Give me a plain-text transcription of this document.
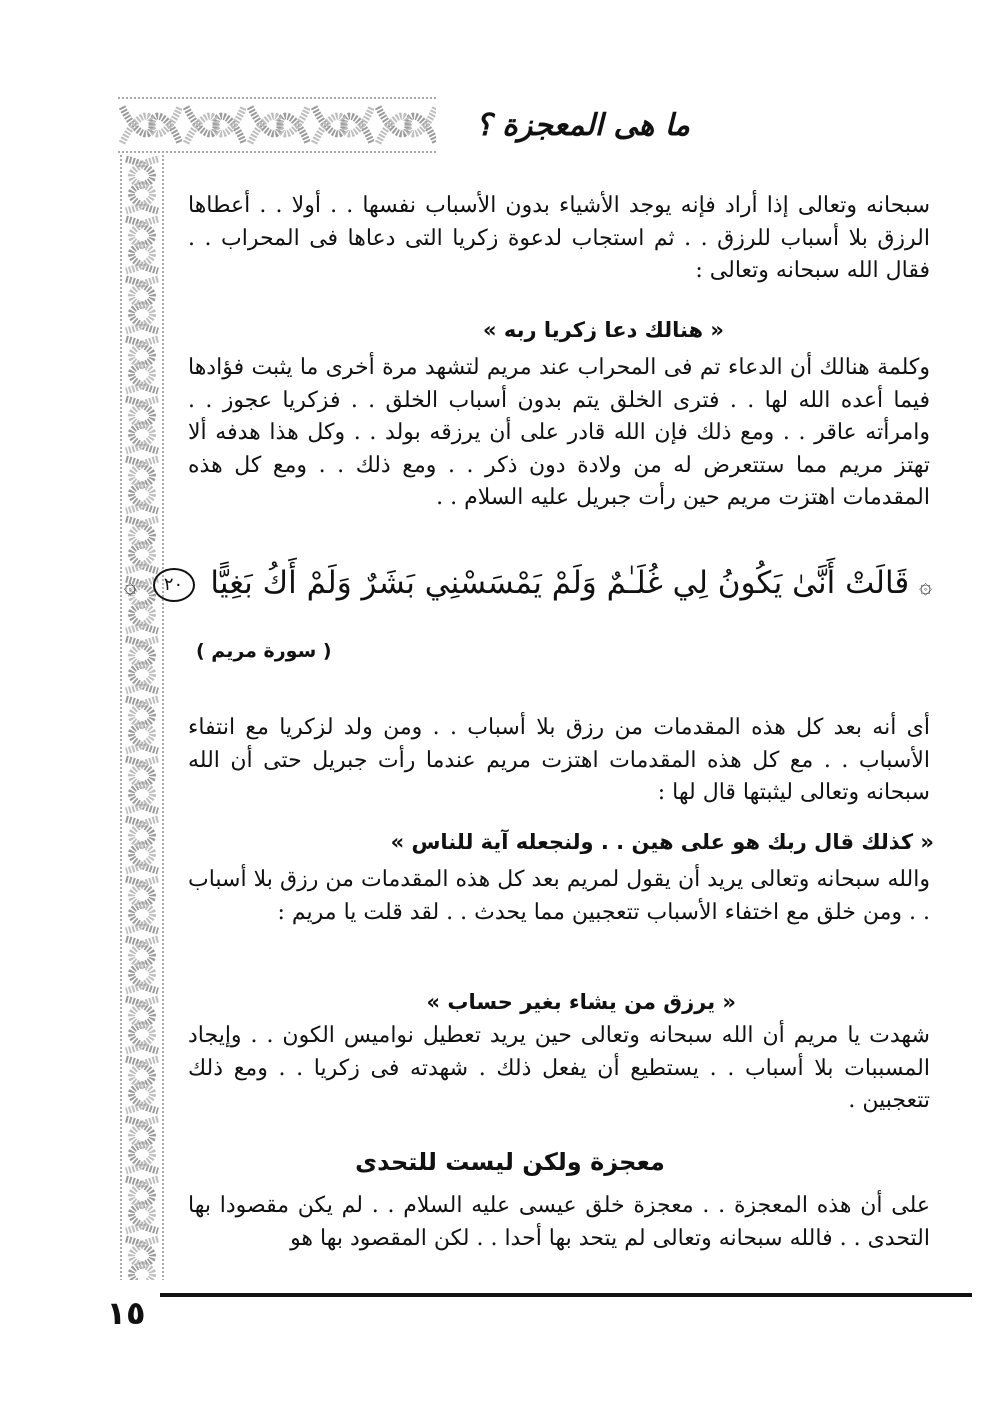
ما هى المعجزة ؟
سبحانه وتعالى إذا أراد فإنه يوجد الأشياء بدون الأسباب نفسها . . أولا . . أعطاها الرزق بلا أسباب للرزق . . ثم استجاب لدعوة زكريا التى دعاها فى المحراب . . فقال الله سبحانه وتعالى :
« هنالك دعا زكريا ربه »
وكلمة هنالك أن الدعاء تم فى المحراب عند مريم لتشهد مرة أخرى ما يثبت فؤادها فيما أعده الله لها . . فترى الخلق يتم بدون أسباب الخلق . . فزكريا عجوز . . وامرأته عاقر . . ومع ذلك فإن الله قادر على أن يرزقه بولد . . وكل هذا هدفه ألا تهتز مريم مما ستتعرض له من ولادة دون ذكر . . ومع ذلك . . ومع كل هذه المقدمات اهتزت مريم حين رأت جبريل عليه السلام . .
۞ قَالَتْ أَنَّىٰ يَكُونُ لِي غُلَـٰمٌ وَلَمْ يَمْسَسْنِي بَشَرٌ وَلَمْ أَكُ بَغِيًّا ٢٠ ۞
( سورة مريم )
أى أنه بعد كل هذه المقدمات من رزق بلا أسباب . . ومن ولد لزكريا مع انتفاء الأسباب . . مع كل هذه المقدمات اهتزت مريم عندما رأت جبريل حتى أن الله سبحانه وتعالى ليثبتها قال لها :
« كذلك قال ربك هو على هين . . ولنجعله آية للناس »
والله سبحانه وتعالى يريد أن يقول لمريم بعد كل هذه المقدمات من رزق بلا أسباب . . ومن خلق مع اختفاء الأسباب تتعجبين مما يحدث . . لقد قلت يا مريم :
« يرزق من يشاء بغير حساب »
شهدت يا مريم أن الله سبحانه وتعالى حين يريد تعطيل نواميس الكون . . وإيجاد المسببات بلا أسباب . . يستطيع أن يفعل ذلك . شهدته فى زكريا . . ومع ذلك تتعجبين .
معجزة ولكن ليست للتحدى
على أن هذه المعجزة . . معجزة خلق عيسى عليه السلام . . لم يكن مقصودا بها التحدى . . فالله سبحانه وتعالى لم يتحد بها أحدا . . لكن المقصود بها هو
١٥
